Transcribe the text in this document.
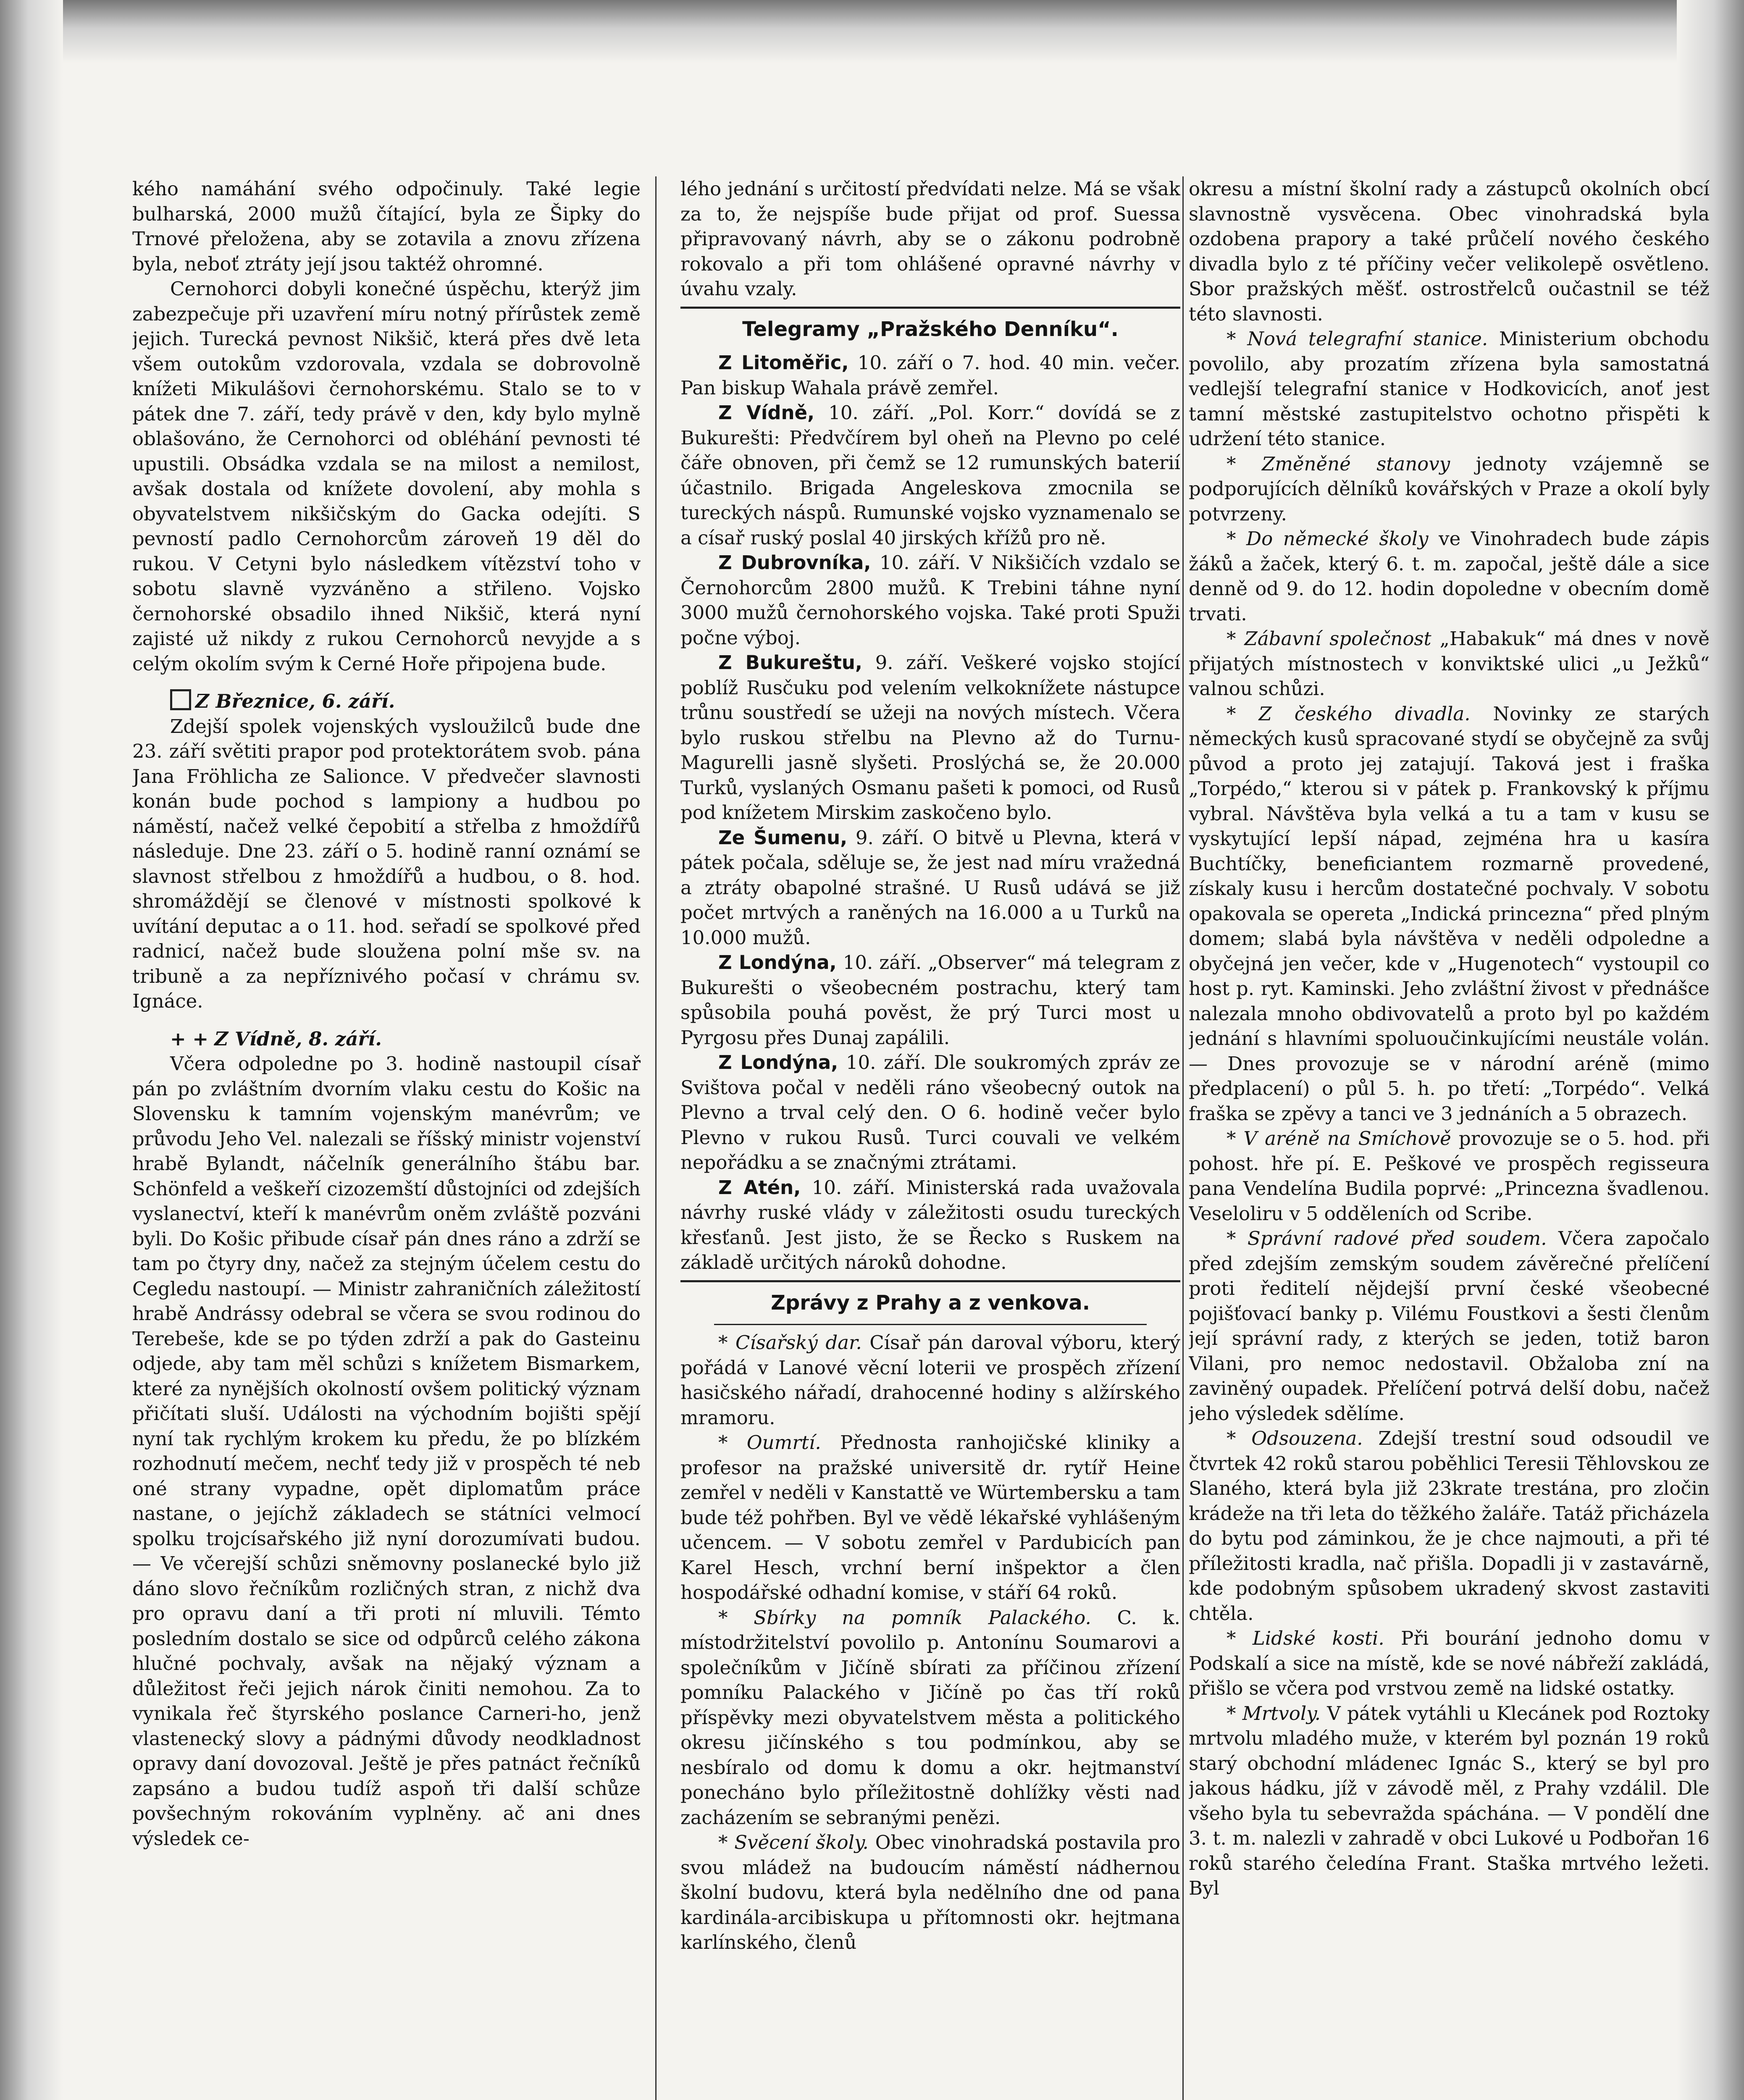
kého namáhání svého odpočinuly. Také legie bulharská, 2000 mužů čítající, byla ze Šipky do Trnové přeložena, aby se zotavila a znovu zřízena byla, neboť ztráty její jsou taktéž ohromné.

Cernohorci dobyli konečné úspěchu, kterýž jim zabezpečuje při uzavření míru notný přírůstek země jejich. Turecká pevnost Nikšič, která přes dvě leta všem outokům vzdorovala, vzdala se dobrovolně knížeti Mikulášovi černohorskému. Stalo se to v pátek dne 7. září, tedy právě v den, kdy bylo mylně oblašováno, že Cernohorci od obléhání pevnosti té upustili. Obsádka vzdala se na milost a nemilost, avšak dostala od knížete dovolení, aby mohla s obyvatelstvem nikšičským do Gacka odejíti. S pevností padlo Cernohorcům zároveň 19 děl do rukou. V Cetyni bylo následkem vítězství toho v sobotu slavně vyzváněno a střileno. Vojsko černohorské obsadilo ihned Nikšič, která nyní zajisté už nikdy z rukou Cernohorců nevyjde a s celým okolím svým k Cerné Hoře připojena bude.

Z Březnice, 6. září.

Zdejší spolek vojenských vysloužilců bude dne 23. září světiti prapor pod protektorátem svob. pána Jana Fröhlicha ze Salionce. V předvečer slavnosti konán bude pochod s lampiony a hudbou po náměstí, načež velké čepobití a střelba z hmoždířů následuje. Dne 23. září o 5. hodině ranní oznámí se slavnost střelbou z hmoždířů a hudbou, o 8. hod. shromáždějí se členové v místnosti spolkové k uvítání deputac a o 11. hod. seřadí se spolkové před radnicí, načež bude sloužena polní mše sv. na tribuně a za nepříznivého počasí v chrámu sv. Ignáce.

+ + Z Vídně, 8. září.

Včera odpoledne po 3. hodině nastoupil císař pán po zvláštním dvorním vlaku cestu do Košic na Slovensku k tamním vojenským manévrům; ve průvodu Jeho Vel. nalezali se říšský ministr vojenství hrabě Bylandt, náčelník generálního štábu bar. Schönfeld a veškeří cizozemští důstojníci od zdejších vyslanectví, kteří k manévrům oněm zvláště pozváni byli. Do Košic přibude císař pán dnes ráno a zdrží se tam po čtyry dny, načež za stejným účelem cestu do Cegledu nastoupí. — Ministr zahraničních záležitostí hrabě Andrássy odebral se včera se svou rodinou do Terebeše, kde se po týden zdrží a pak do Gasteinu odjede, aby tam měl schůzi s knížetem Bismarkem, které za nynějších okolností ovšem politický význam přičítati sluší. Události na východním bojišti spějí nyní tak rychlým krokem ku předu, že po blízkém rozhodnutí mečem, nechť tedy již v prospěch té neb oné strany vypadne, opět diplomatům práce nastane, o jejíchž základech se státníci velmocí spolku trojcísařského již nyní dorozumívati budou. — Ve včerejší schůzi sněmovny poslanecké bylo již dáno slovo řečníkům rozličných stran, z nichž dva pro opravu daní a tři proti ní mluvili. Témto posledním dostalo se sice od odpůrců celého zákona hlučné pochvaly, avšak na nějaký význam a důležitost řeči jejich nárok činiti nemohou. Za to vynikala řeč štyrského poslance Carneri-ho, jenž vlastenecký slovy a pádnými důvody neodkladnost opravy daní dovozoval. Ještě je přes patnáct řečníků zapsáno a budou tudíž aspoň tři další schůze povšechným rokováním vyplněny. ač ani dnes výsledek ce-

lého jednání s určitostí předvídati nelze. Má se však za to, že nejspíše bude přijat od prof. Suessa připravovaný návrh, aby se o zákonu podrobně rokovalo a při tom ohlášené opravné návrhy v úvahu vzaly.

Telegramy „Pražského Denníku“.

Z Litoměřic, 10. září o 7. hod. 40 min. večer. Pan biskup Wahala právě zemřel.

Z Vídně, 10. září. „Pol. Korr.“ dovídá se z Bukurešti: Předvčírem byl oheň na Plevno po celé čáře obnoven, při čemž se 12 rumunských baterií účastnilo. Brigada Angeleskova zmocnila se tureckých náspů. Rumunské vojsko vyznamenalo se a císař ruský poslal 40 jirských křížů pro ně.

Z Dubrovníka, 10. září. V Nikšičích vzdalo se Černohorcům 2800 mužů. K Trebini táhne nyní 3000 mužů černohorského vojska. Také proti Spuži počne výboj.

Z Bukureštu, 9. září. Veškeré vojsko stojící poblíž Rusčuku pod velením velkoknížete nástupce trůnu soustředí se užeji na nových místech. Včera bylo ruskou střelbu na Plevno až do Turnu-Magurelli jasně slyšeti. Proslýchá se, že 20.000 Turků, vyslaných Osmanu pašeti k pomoci, od Rusů pod knížetem Mirskim zaskočeno bylo.

Ze Šumenu, 9. září. O bitvě u Plevna, která v pátek počala, sděluje se, že jest nad míru vražedná a ztráty obapolné strašné. U Rusů udává se již počet mrtvých a raněných na 16.000 a u Turků na 10.000 mužů.

Z Londýna, 10. září. „Observer“ má telegram z Bukurešti o všeobecném postrachu, který tam spůsobila pouhá pověst, že prý Turci most u Pyrgosu přes Dunaj zapálili.

Z Londýna, 10. září. Dle soukromých zpráv ze Svištova počal v neděli ráno všeobecný outok na Plevno a trval celý den. O 6. hodině večer bylo Plevno v rukou Rusů. Turci couvali ve velkém nepořádku a se značnými ztrátami.

Z Atén, 10. září. Ministerská rada uvažovala návrhy ruské vlády v záležitosti osudu tureckých křesťanů. Jest jisto, že se Řecko s Ruskem na základě určitých nároků dohodne.

Zprávy z Prahy a z venkova.

* Císařský dar. Císař pán daroval výboru, který pořádá v Lanové věcní loterii ve prospěch zřízení hasičského nářadí, drahocenné hodiny s alžírského mramoru.

* Oumrtí. Přednosta ranhojičské kliniky a profesor na pražské universitě dr. rytíř Heine zemřel v neděli v Kanstattě ve Würtembersku a tam bude též pohřben. Byl ve vědě lékařské vyhlášeným učencem. — V sobotu zemřel v Pardubicích pan Karel Hesch, vrchní berní inšpektor a člen hospodářské odhadní komise, v stáří 64 roků.

* Sbírky na pomník Palackého. C. k. místodržitelství povolilo p. Antonínu Soumarovi a společníkům v Jičíně sbírati za příčinou zřízení pomníku Palackého v Jičíně po čas tří roků příspěvky mezi obyvatelstvem města a politického okresu jičínského s tou podmínkou, aby se nesbíralo od domu k domu a okr. hejtmanství ponecháno bylo příležitostně dohlížky věsti nad zacházením se sebranými penězi.

* Svěcení školy. Obec vinohradská postavila pro svou mládež na budoucím náměstí nádhernou školní budovu, která byla nedělního dne od pana kardinála-arcibiskupa u přítomnosti okr. hejtmana karlínského, členů

okresu a místní školní rady a zástupců okolních obcí slavnostně vysvěcena. Obec vinohradská byla ozdobena prapory a také průčelí nového českého divadla bylo z té příčiny večer velikolepě osvětleno. Sbor pražských měšť. ostrostřelců oučastnil se též této slavnosti.

* Nová telegrafní stanice. Ministerium obchodu povolilo, aby prozatím zřízena byla samostatná vedlejší telegrafní stanice v Hodkovicích, anoť jest tamní městské zastupitelstvo ochotno přispěti k udržení této stanice.

* Změněné stanovy jednoty vzájemně se podporujících dělníků kovářských v Praze a okolí byly potvrzeny.

* Do německé školy ve Vinohradech bude zápis žáků a žaček, který 6. t. m. započal, ještě dále a sice denně od 9. do 12. hodin dopoledne v obecním domě trvati.

* Zábavní společnost „Habakuk“ má dnes v nově přijatých místnostech v konviktské ulici „u Ježků“ valnou schůzi.

* Z českého divadla. Novinky ze starých německých kusů spracované stydí se obyčejně za svůj původ a proto jej zatajují. Taková jest i fraška „Torpédo,“ kterou si v pátek p. Frankovský k příjmu vybral. Návštěva byla velká a tu a tam v kusu se vyskytující lepší nápad, zejména hra u kasíra Buchtíčky, beneficiantem rozmarně provedené, získaly kusu i hercům dostatečné pochvaly. V sobotu opakovala se opereta „Indická princezna“ před plným domem; slabá byla návštěva v neděli odpoledne a obyčejná jen večer, kde v „Hugenotech“ vystoupil co host p. ryt. Kaminski. Jeho zvláštní živost v přednášce nalezala mnoho obdivovatelů a proto byl po každém jednání s hlavními spoluoučinkujícími neustále volán. — Dnes provozuje se v národní aréně (mimo předplacení) o půl 5. h. po třetí: „Torpédo“. Velká fraška se zpěvy a tanci ve 3 jednáních a 5 obrazech.

* V aréně na Smíchově provozuje se o 5. hod. při pohost. hře pí. E. Peškové ve prospěch regisseura pana Vendelína Budila poprvé: „Princezna švadlenou. Veseloliru v 5 odděleních od Scribe.

* Správní radové před soudem. Včera započalo před zdejším zemským soudem závěrečné přelíčení proti ředitelí nějdejší první české všeobecné pojišťovací banky p. Vilému Foustkovi a šesti členům její správní rady, z kterých se jeden, totiž baron Vilani, pro nemoc nedostavil. Obžaloba zní na zaviněný oupadek. Přelíčení potrvá delší dobu, načež jeho výsledek sdělíme.

* Odsouzena. Zdejší trestní soud odsoudil ve čtvrtek 42 roků starou poběhlici Teresii Těhlovskou ze Slaného, která byla již 23krate trestána, pro zločin krádeže na tři leta do těžkého žaláře. Tatáž přicházela do bytu pod záminkou, že je chce najmouti, a při té příležitosti kradla, nač přišla. Dopadli ji v zastavárně, kde podobným spůsobem ukradený skvost zastaviti chtěla.

* Lidské kosti. Při bourání jednoho domu v Podskalí a sice na místě, kde se nové nábřeží zakládá, přišlo se včera pod vrstvou země na lidské ostatky.

* Mrtvoly. V pátek vytáhli u Klecánek pod Roztoky mrtvolu mladého muže, v kterém byl poznán 19 roků starý obchodní mládenec Ignác S., který se byl pro jakous hádku, jíž v závodě měl, z Prahy vzdálil. Dle všeho byla tu sebevražda spáchána. — V pondělí dne 3. t. m. nalezli v zahradě v obci Lukové u Podbořan 16 roků starého čeledína Frant. Staška mrtvého ležeti. Byl
